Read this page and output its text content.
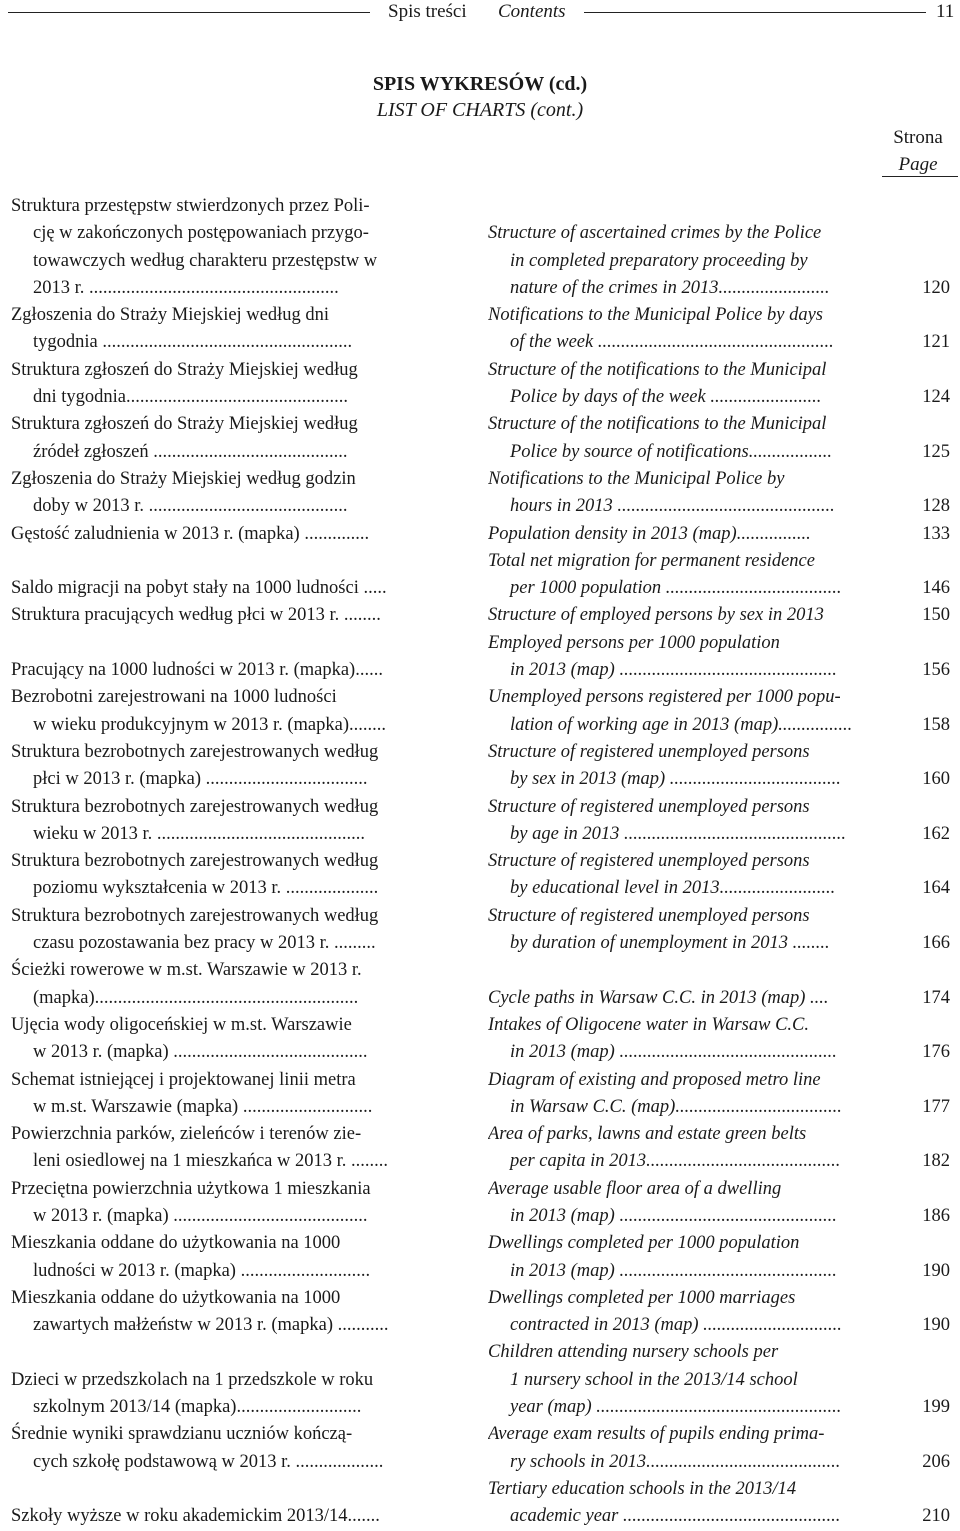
Spis treści Contents	11
SPIS WYKRESÓW (cd.)
LIST OF CHARTS (cont.)
Strona
Page
Struktura przestępstw stwierdzonych przez Poli-
cję w zakończonych postępowaniach przygo-
towawczych według charakteru przestępstw w
2013 r. ......................................................

Structure of ascertained crimes by the Police
in completed preparatory proceeding by
nature of the crimes in 2013........................	120
Zgłoszenia do Straży Miejskiej według dni
tygodnia ......................................................
Notifications to the Municipal Police by days
of the week ...................................................	121
Struktura zgłoszeń do Straży Miejskiej według
dni tygodnia................................................
Structure of the notifications to the Municipal
Police by days of the week ........................	124
Struktura zgłoszeń do Straży Miejskiej według
źródeł zgłoszeń ..........................................
Structure of the notifications to the Municipal
Police by source of notifications..................	125
Zgłoszenia do Straży Miejskiej według godzin
doby w 2013 r. ...........................................
Notifications to the Municipal Police by
hours in 2013 ...............................................	128
Gęstość zaludnienia w 2013 r. (mapka) ..............	Population density in 2013 (map)................	133

Saldo migracji na pobyt stały na 1000 ludności .....
Total net migration for permanent residence
per 1000 population ......................................	146
Struktura pracujących według płci w 2013 r. ........	Structure of employed persons by sex in 2013	150

Pracujący na 1000 ludności w 2013 r. (mapka)......
Employed persons per 1000 population
in 2013 (map) ...............................................	156
Bezrobotni zarejestrowani na 1000 ludności
w wieku produkcyjnym w 2013 r. (mapka)........
Unemployed persons registered per 1000 popu-
lation of working age in 2013 (map)................	158
Struktura bezrobotnych zarejestrowanych według
płci w 2013 r. (mapka) ...................................
Structure of registered unemployed persons
by sex in 2013 (map) .....................................	160
Struktura bezrobotnych zarejestrowanych według
wieku w 2013 r. .............................................
Structure of registered unemployed persons
by age in 2013 ................................................	162
Struktura bezrobotnych zarejestrowanych według
poziomu wykształcenia w 2013 r. ....................
Structure of registered unemployed persons
by educational level in 2013.........................	164
Struktura bezrobotnych zarejestrowanych według
czasu pozostawania bez pracy w 2013 r. .........
Structure of registered unemployed persons
by duration of unemployment in 2013 ........	166
Ścieżki rowerowe w m.st. Warszawie w 2013 r.
(mapka).........................................................
	Cycle paths in Warsaw C.C. in 2013 (map) ....	174
Ujęcia wody oligoceńskiej w m.st. Warszawie
w 2013 r. (mapka) ..........................................
Intakes of Oligocene water in Warsaw C.C.
in 2013 (map) ...............................................	176
Schemat istniejącej i projektowanej linii metra
w m.st. Warszawie (mapka) ............................
Diagram of existing and proposed metro line
in Warsaw C.C. (map)....................................	177
Powierzchnia parków, zieleńców i terenów zie-
leni osiedlowej na 1 mieszkańca w 2013 r. ........
Area of parks, lawns and estate green belts
per capita in 2013..........................................	182
Przeciętna powierzchnia użytkowa 1 mieszkania
w 2013 r. (mapka) ..........................................
Average usable floor area of a dwelling
in 2013 (map) ...............................................	186
Mieszkania oddane do użytkowania na 1000
ludności w 2013 r. (mapka) ............................
Dwellings completed per 1000 population
in 2013 (map) ...............................................	190
Mieszkania oddane do użytkowania na 1000
zawartych małżeństw w 2013 r. (mapka) ...........
Dwellings completed per 1000 marriages
contracted in 2013 (map) ..............................	190

Dzieci w przedszkolach na 1 przedszkole w roku
szkolnym 2013/14 (mapka)...........................
Children attending nursery schools per
1 nursery school in the 2013/14 school
year (map) .....................................................	199
Średnie wyniki sprawdzianu uczniów kończą-
cych szkołę podstawową w 2013 r. ...................
Average exam results of pupils ending prima-
ry schools in 2013..........................................	206

Szkoły wyższe w roku akademickim 2013/14.......
Tertiary education schools in the 2013/14
academic year ...............................................	210
